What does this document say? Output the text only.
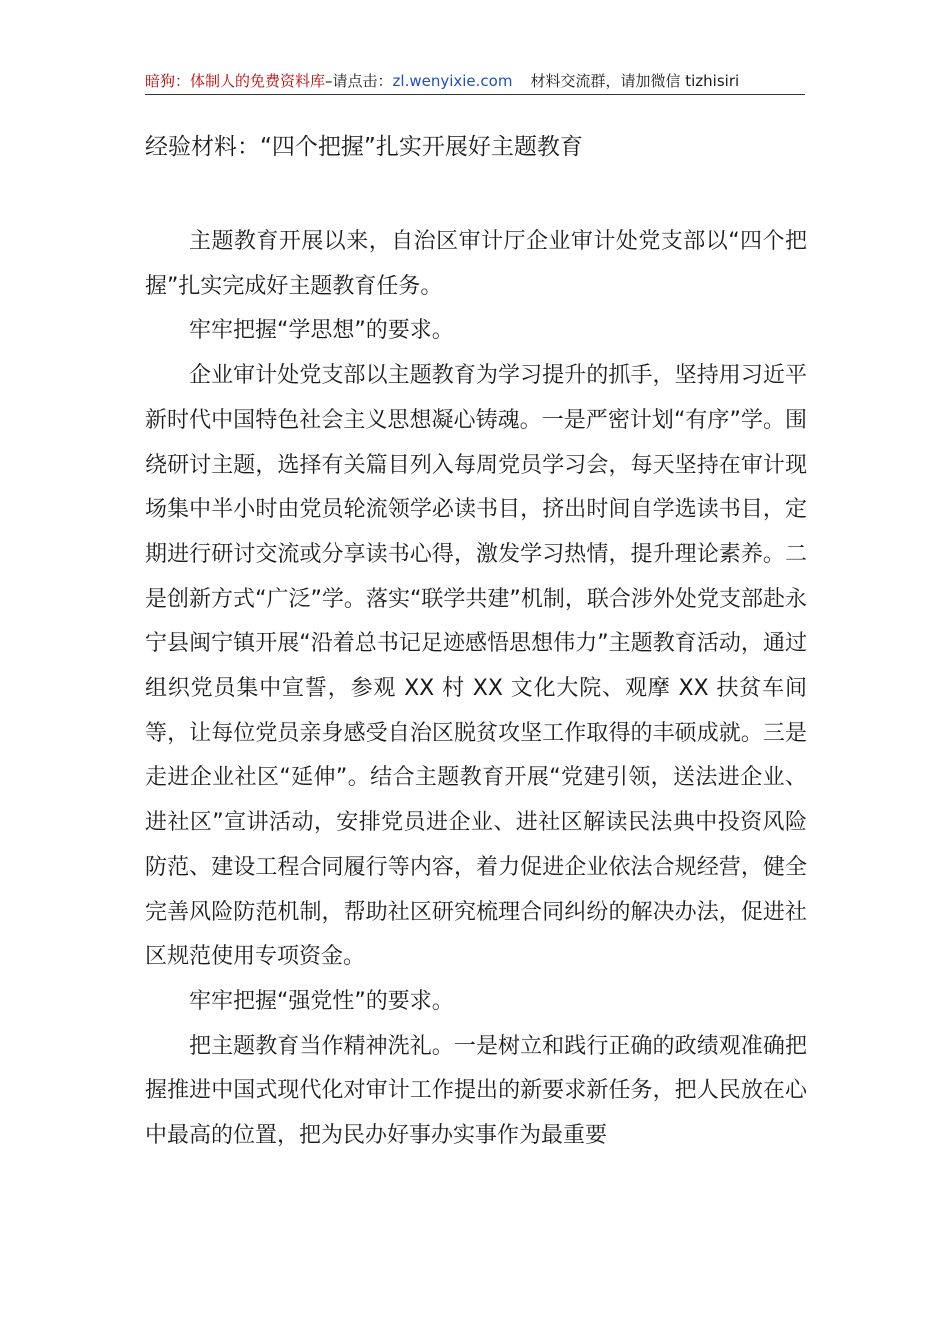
暗狗：体制人的免费资料库 –请点击： zl.wenyixie.com 材料交流群，请加微信 tizhisiri
经验材料：“四个把握”扎实开展好主题教育

主题教育开展以来，自治区审计厅企业审计处党支部以“四个把握”扎实完成好主题教育任务。

牢牢把握“学思想”的要求。

企业审计处党支部以主题教育为学习提升的抓手，坚持用习近平新时代中国特色社会主义思想凝心铸魂。一是严密计划“有序”学。围绕研讨主题，选择有关篇目列入每周党员学习会，每天坚持在审计现场集中半小时由党员轮流领学必读书目，挤出时间自学选读书目，定期进行研讨交流或分享读书心得，激发学习热情，提升理论素养。二是创新方式“广泛”学。落实“联学共建”机制，联合涉外处党支部赴永宁县闽宁镇开展“沿着总书记足迹感悟思想伟力”主题教育活动，通过组织党员集中宣誓，参观 XX 村 XX 文化大院、观摩 XX 扶贫车间等，让每位党员亲身感受自治区脱贫攻坚工作取得的丰硕成就。三是走进企业社区“延伸”。结合主题教育开展“党建引领，送法进企业、进社区”宣讲活动，安排党员进企业、进社区解读民法典中投资风险防范、建设工程合同履行等内容，着力促进企业依法合规经营，健全完善风险防范机制，帮助社区研究梳理合同纠纷的解决办法，促进社区规范使用专项资金。

牢牢把握“强党性”的要求。

把主题教育当作精神洗礼。一是树立和践行正确的政绩观准确把握推进中国式现代化对审计工作提出的新要求新任务，把人民放在心中最高的位置，把为民办好事办实事作为最重要
